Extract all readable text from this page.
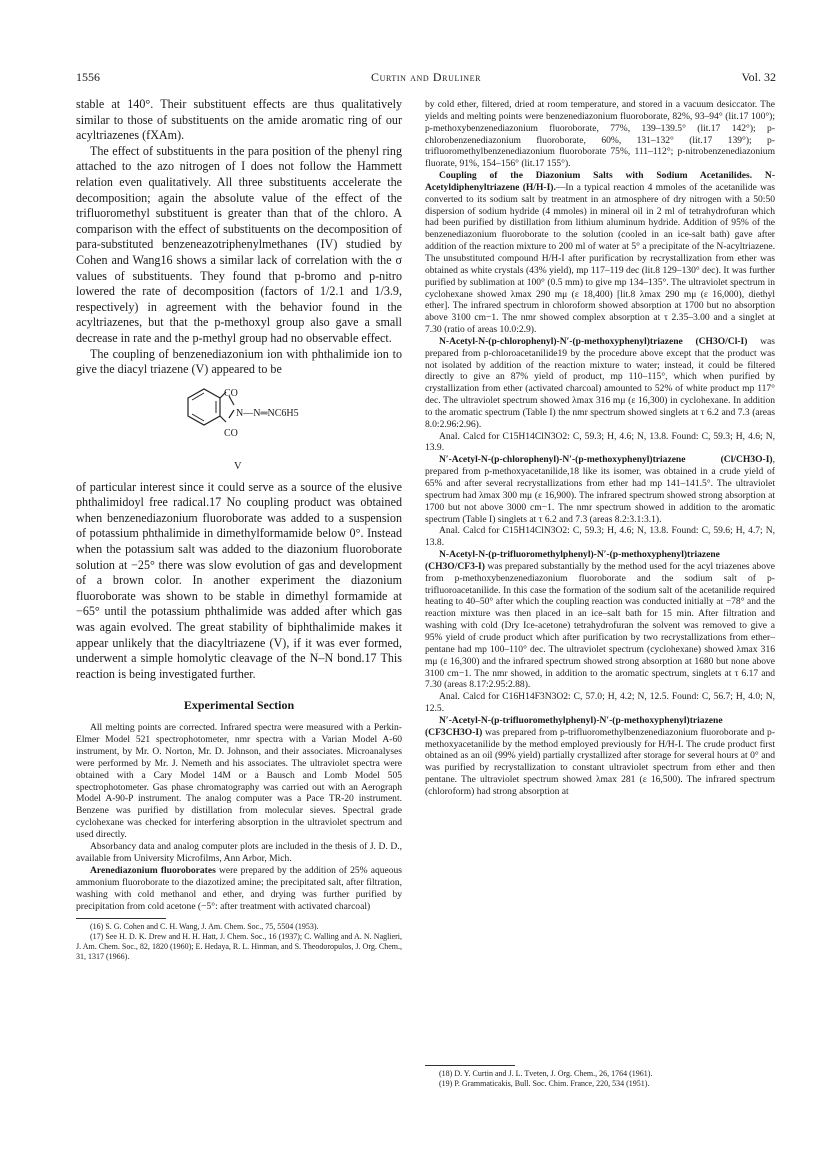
1556	Curtin and Druliner	Vol. 32

stable at 140°. Their substituent effects are thus qualitatively similar to those of substituents on the amide aromatic ring of our acyltriazenes (fXAm).

The effect of substituents in the para position of the phenyl ring attached to the azo nitrogen of I does not follow the Hammett relation even qualitatively. All three substituents accelerate the decomposition; again the absolute value of the effect of the trifluoromethyl substituent is greater than that of the chloro. A comparison with the effect of substituents on the decomposition of para-substituted benzeneazotriphenylmethanes (IV) studied by Cohen and Wang16 shows a similar lack of correlation with the σ values of substituents. They found that p-bromo and p-nitro lowered the rate of decomposition (factors of 1/2.1 and 1/3.9, respectively) in agreement with the behavior found in the acyltriazenes, but that the p-methoxyl group also gave a small decrease in rate and the p-methyl group had no observable effect.

The coupling of benzenediazonium ion with phthalimide ion to give the diacyl triazene (V) appeared to be

CO
CO
N—N═NC6H5
V

of particular interest since it could serve as a source of the elusive phthalimidoyl free radical.17 No coupling product was obtained when benzenediazonium fluoroborate was added to a suspension of potassium phthalimide in dimethylformamide below 0°. Instead when the potassium salt was added to the diazonium fluoroborate solution at −25° there was slow evolution of gas and development of a brown color. In another experiment the diazonium fluoroborate was shown to be stable in dimethyl formamide at −65° until the potassium phthalimide was added after which gas was again evolved. The great stability of biphthalimide makes it appear unlikely that the diacyltriazene (V), if it was ever formed, underwent a simple homolytic cleavage of the N–N bond.17 This reaction is being investigated further.

Experimental Section

All melting points are corrected. Infrared spectra were measured with a Perkin-Elmer Model 521 spectrophotometer, nmr spectra with a Varian Model A-60 instrument, by Mr. O. Norton, Mr. D. Johnson, and their associates. Microanalyses were performed by Mr. J. Nemeth and his associates. The ultraviolet spectra were obtained with a Cary Model 14M or a Bausch and Lomb Model 505 spectrophotometer. Gas phase chromatography was carried out with an Aerograph Model A-90-P instrument. The analog computer was a Pace TR-20 instrument. Benzene was purified by distillation from molecular sieves. Spectral grade cyclohexane was checked for interfering absorption in the ultraviolet spectrum and used directly.

Absorbancy data and analog computer plots are included in the thesis of J. D. D., available from University Microfilms, Ann Arbor, Mich.

Arenediazonium fluoroborates were prepared by the addition of 25% aqueous ammonium fluoroborate to the diazotized amine; the precipitated salt, after filtration, washing with cold methanol and ether, and drying was further purified by precipitation from cold acetone (−5°: after treatment with activated charcoal)

(16) S. G. Cohen and C. H. Wang, J. Am. Chem. Soc., 75, 5504 (1953).

(17) See H. D. K. Drew and H. H. Hatt, J. Chem. Soc., 16 (1937); C. Walling and A. N. Naglieri, J. Am. Chem. Soc., 82, 1820 (1960); E. Hedaya, R. L. Hinman, and S. Theodoropulos, J. Org. Chem., 31, 1317 (1966).

by cold ether, filtered, dried at room temperature, and stored in a vacuum desiccator. The yields and melting points were benzenediazonium fluoroborate, 82%, 93–94° (lit.17 100°); p-methoxybenzenediazonium fluoroborate, 77%, 139–139.5° (lit.17 142°); p-chlorobenzenediazonium fluoroborate, 60%, 131–132° (lit.17 139°); p-trifluoromethylbenzenediazonium fluoroborate 75%, 111–112°; p-nitrobenzenediazonium fluorate, 91%, 154–156° (lit.17 155°).

Coupling of the Diazonium Salts with Sodium Acetanilides. N-Acetyldiphenyltriazene (H/H-I).—In a typical reaction 4 mmoles of the acetanilide was converted to its sodium salt by treatment in an atmosphere of dry nitrogen with a 50:50 dispersion of sodium hydride (4 mmoles) in mineral oil in 2 ml of tetrahydrofuran which had been purified by distillation from lithium aluminum hydride. Addition of 95% of the benzenediazonium fluoroborate to the solution (cooled in an ice-salt bath) gave after addition of the reaction mixture to 200 ml of water at 5° a precipitate of the N-acyltriazene. The unsubstituted compound H/H-I after purification by recrystallization from ether was obtained as white crystals (43% yield), mp 117–119 dec (lit.8 129–130° dec). It was further purified by sublimation at 100° (0.5 mm) to give mp 134–135°. The ultraviolet spectrum in cyclohexane showed λmax 290 mμ (ε 18,400) [lit.8 λmax 290 mμ (ε 16,000), diethyl ether]. The infrared spectrum in chloroform showed absorption at 1700 but no absorption above 3100 cm−1. The nmr showed complex absorption at τ 2.35–3.00 and a singlet at 7.30 (ratio of areas 10.0:2.9).

N-Acetyl-N-(p-chlorophenyl)-N′-(p-methoxyphenyl)triazene (CH3O/Cl-I) was prepared from p-chloroacetanilide19 by the procedure above except that the product was not isolated by addition of the reaction mixture to water; instead, it could be filtered directly to give an 87% yield of product, mp 110–115°, which when purified by crystallization from ether (activated charcoal) amounted to 52% of white product mp 117° dec. The ultraviolet spectrum showed λmax 316 mμ (ε 16,300) in cyclohexane. In addition to the aromatic spectrum (Table I) the nmr spectrum showed singlets at τ 6.2 and 7.3 (areas 8.0:2.96:2.96).

Anal. Calcd for C15H14ClN3O2: C, 59.3; H, 4.6; N, 13.8. Found: C, 59.3; H, 4.6; N, 13.9.

N′-Acetyl-N-(p-chlorophenyl)-N′-(p-methoxyphenyl)triazene (Cl/CH3O-I), prepared from p-methoxyacetanilide,18 like its isomer, was obtained in a crude yield of 65% and after several recrystallizations from ether had mp 141–141.5°. The ultraviolet spectrum had λmax 300 mμ (ε 16,900). The infrared spectrum showed strong absorption at 1700 but not above 3000 cm−1. The nmr spectrum showed in addition to the aromatic spectrum (Table I) singlets at τ 6.2 and 7.3 (areas 8.2:3.1:3.1).

Anal. Calcd for C15H14ClN3O2: C, 59.3; H, 4.6; N, 13.8. Found: C, 59.6; H, 4.7; N, 13.8.

N-Acetyl-N-(p-trifluoromethylphenyl)-N′-(p-methoxyphenyl)triazene (CH3O/CF3-I) was prepared substantially by the method used for the acyl triazenes above from p-methoxybenzenediazonium fluoroborate and the sodium salt of p-trifluoroacetanilide. In this case the formation of the sodium salt of the acetanilide required heating to 40–50° after which the coupling reaction was conducted initially at −78° and the reaction mixture was then placed in an ice–salt bath for 15 min. After filtration and washing with cold (Dry Ice-acetone) tetrahydrofuran the solvent was removed to give a 95% yield of crude product which after purification by two recrystallizations from ether–pentane had mp 100–110° dec. The ultraviolet spectrum (cyclohexane) showed λmax 316 mμ (ε 16,300) and the infrared spectrum showed strong absorption at 1680 but none above 3100 cm−1. The nmr showed, in addition to the aromatic spectrum, singlets at τ 6.17 and 7.30 (areas 8.17:2.95:2.88).

Anal. Calcd for C16H14F3N3O2: C, 57.0; H, 4.2; N, 12.5. Found: C, 56.7; H, 4.0; N, 12.5.

N′-Acetyl-N-(p-trifluoromethylphenyl)-N′-(p-methoxyphenyl)triazene (CF3CH3O-I) was prepared from p-trifluoromethylbenzenediazonium fluoroborate and p-methoxyacetanilide by the method employed previously for H/H-I. The crude product first obtained as an oil (99% yield) partially crystallized after storage for several hours at 0° and was purified by recrystallization to constant ultraviolet spectrum from ether and then pentane. The ultraviolet spectrum showed λmax 281 (ε 16,500). The infrared spectrum (chloroform) had strong absorption at

(18) D. Y. Curtin and J. L. Tveten, J. Org. Chem., 26, 1764 (1961).

(19) P. Grammaticakis, Bull. Soc. Chim. France, 220, 534 (1951).
